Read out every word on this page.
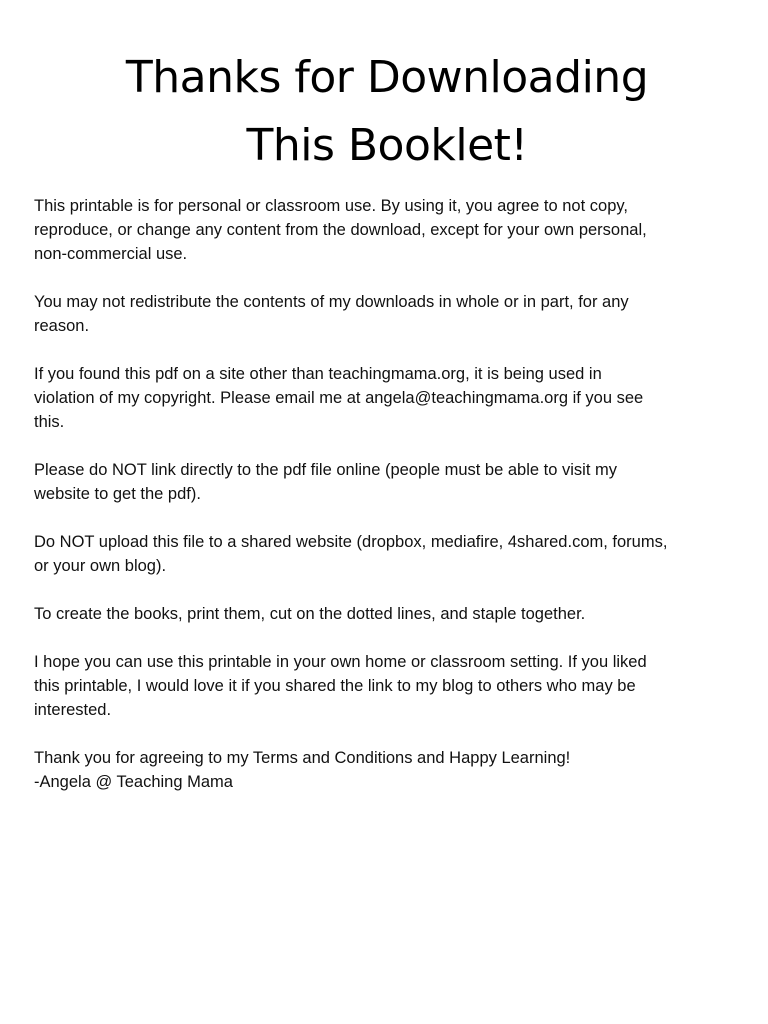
Thanks for Downloading
This Booklet!

This printable is for personal or classroom use. By using it, you agree to not copy,
reproduce, or change any content from the download, except for your own personal,
non-commercial use.

You may not redistribute the contents of my downloads in whole or in part, for any
reason.

If you found this pdf on a site other than teachingmama.org, it is being used in
violation of my copyright. Please email me at angela@teachingmama.org if you see
this.

Please do NOT link directly to the pdf file online (people must be able to visit my
website to get the pdf).

Do NOT upload this file to a shared website (dropbox, mediafire, 4shared.com, forums,
or your own blog).

To create the books, print them, cut on the dotted lines, and staple together.

I hope you can use this printable in your own home or classroom setting. If you liked
this printable, I would love it if you shared the link to my blog to others who may be
interested.

Thank you for agreeing to my Terms and Conditions and Happy Learning!

-Angela @ Teaching Mama
